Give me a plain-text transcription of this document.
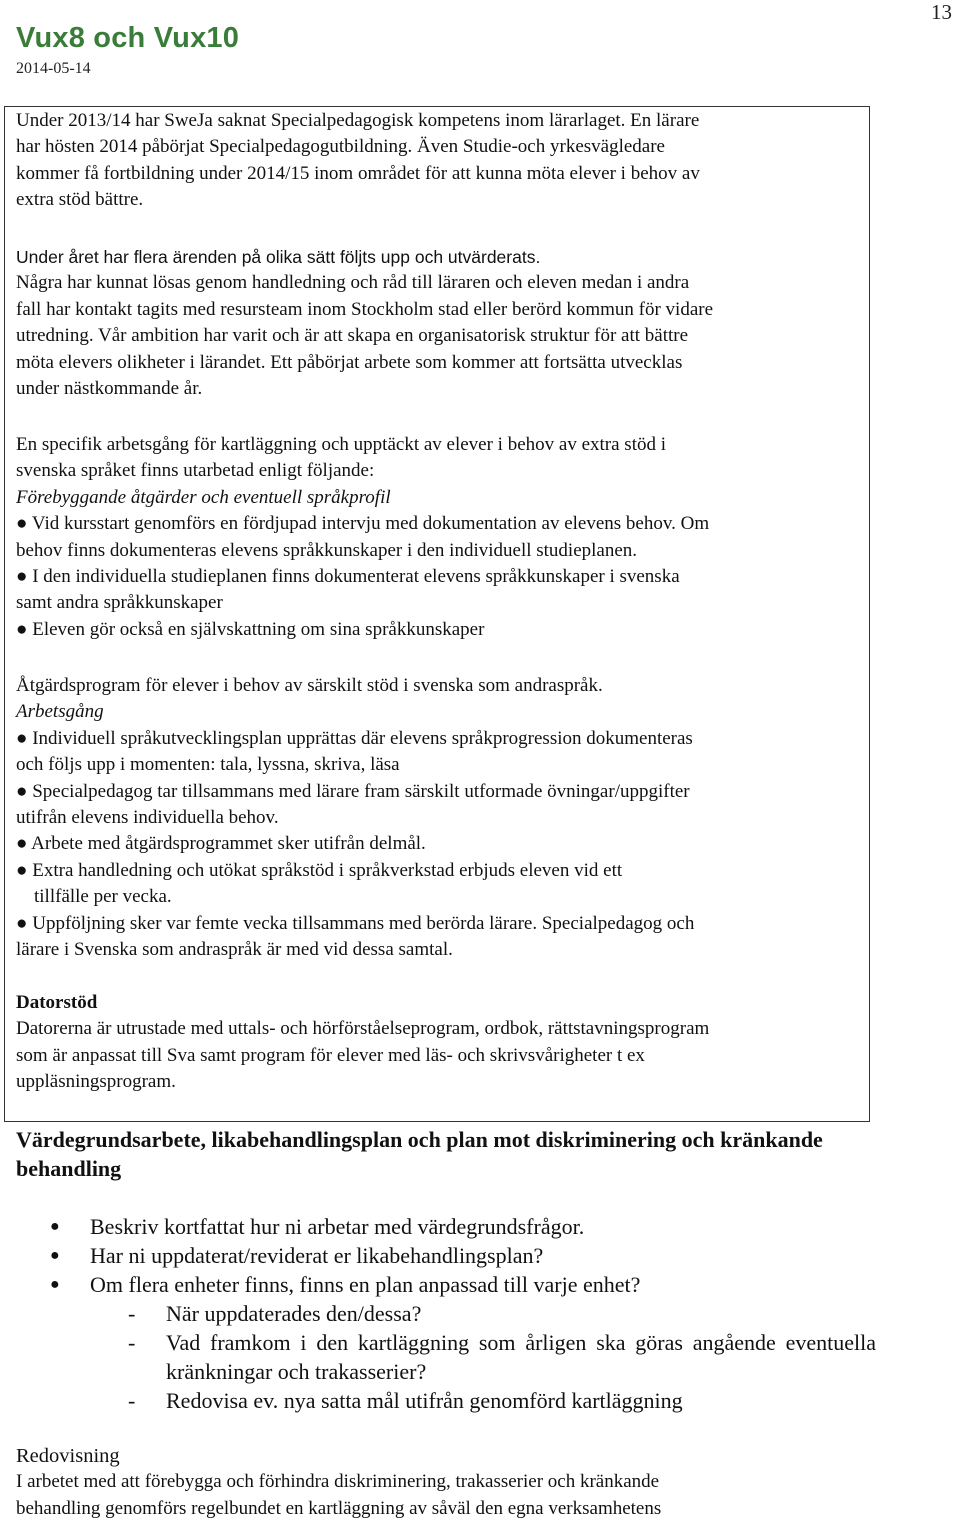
Vux8 och Vux10
2014-05-14
13

Under 2013/14 har SweJa saknat Specialpedagogisk kompetens inom lärarlaget. En lärare

har hösten 2014 påbörjat Specialpedagogutbildning. Även Studie-och yrkesvägledare

kommer få fortbildning under 2014/15 inom området för att kunna möta elever i behov av

extra stöd bättre.

Under året har flera ärenden på olika sätt följts upp och utvärderats.

Några har kunnat lösas genom handledning och råd till läraren och eleven medan i andra

fall har kontakt tagits med resursteam inom Stockholm stad eller berörd kommun för vidare

utredning. Vår ambition har varit och är att skapa en organisatorisk struktur för att bättre

möta elevers olikheter i lärandet. Ett påbörjat arbete som kommer att fortsätta utvecklas

under nästkommande år.

En specifik arbetsgång för kartläggning och upptäckt av elever i behov av extra stöd i

svenska språket finns utarbetad enligt följande:

Förebyggande åtgärder och eventuell språkprofil

● Vid kursstart genomförs en fördjupad intervju med dokumentation av elevens behov. Om

behov finns dokumenteras elevens språkkunskaper i den individuell studieplanen.

● I den individuella studieplanen finns dokumenterat elevens språkkunskaper i svenska

samt andra språkkunskaper

● Eleven gör också en självskattning om sina språkkunskaper

Åtgärdsprogram för elever i behov av särskilt stöd i svenska som andraspråk.

Arbetsgång

● Individuell språkutvecklingsplan upprättas där elevens språkprogression dokumenteras

och följs upp i momenten: tala, lyssna, skriva, läsa

● Specialpedagog tar tillsammans med lärare fram särskilt utformade övningar/uppgifter

utifrån elevens individuella behov.

● Arbete med åtgärdsprogrammet sker utifrån delmål.

● Extra handledning och utökat språkstöd i språkverkstad erbjuds eleven vid ett

tillfälle per vecka.

● Uppföljning sker var femte vecka tillsammans med berörda lärare. Specialpedagog och

lärare i Svenska som andraspråk är med vid dessa samtal.

Datorstöd

Datorerna är utrustade med uttals- och hörförståelseprogram, ordbok, rättstavningsprogram

som är anpassat till Sva samt program för elever med läs- och skrivsvårigheter t ex

uppläsningsprogram.

Värdegrundsarbete, likabehandlingsplan och plan mot diskriminering och kränkande behandling
● Beskriv kortfattat hur ni arbetar med värdegrundsfrågor.
● Har ni uppdaterat/reviderat er likabehandlingsplan?
● Om flera enheter finns, finns en plan anpassad till varje enhet?
- När uppdaterades den/dessa?
- Vad framkom i den kartläggning som årligen ska göras angående eventuella kränkningar och trakasserier?
- Redovisa ev. nya satta mål utifrån genomförd kartläggning

Redovisning

I arbetet med att förebygga och förhindra diskriminering, trakasserier och kränkande

behandling genomförs regelbundet en kartläggning av såväl den egna verksamhetens
